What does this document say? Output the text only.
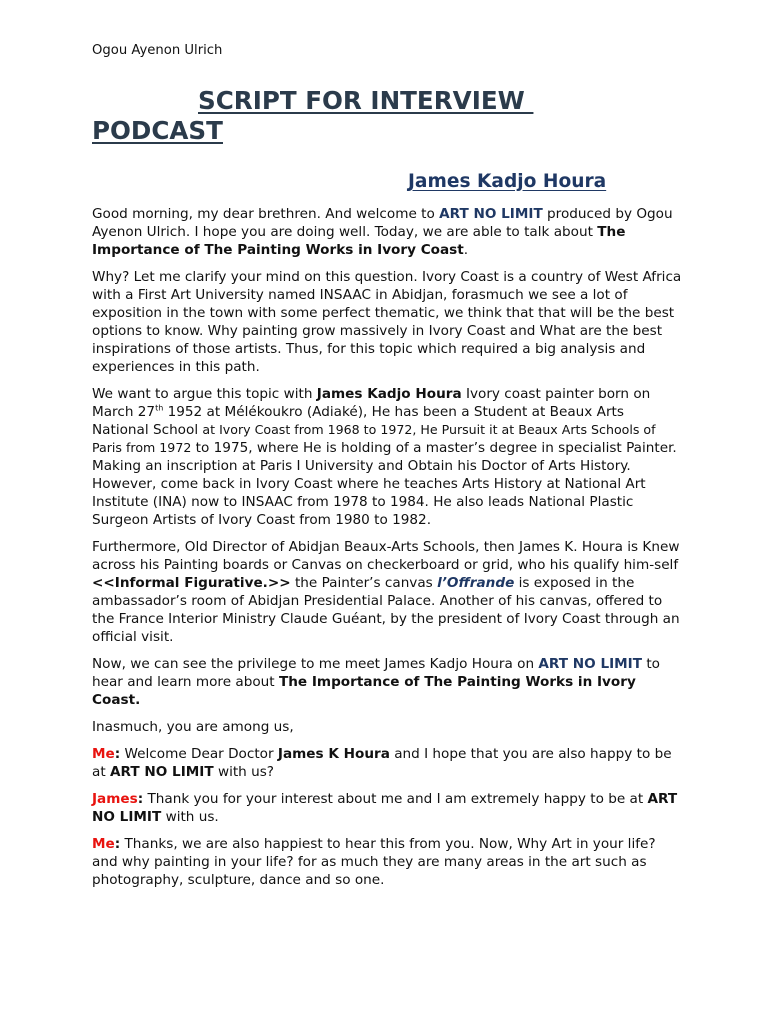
Ogou Ayenon Ulrich
SCRIPT FOR INTERVIEW
PODCAST
James Kadjo Houra

Good morning, my dear brethren. And welcome to ART NO LIMIT produced by Ogou Ayenon Ulrich. I hope you are doing well. Today, we are able to talk about The Importance of The Painting Works in Ivory Coast.

Why? Let me clarify your mind on this question. Ivory Coast is a country of West Africa with a First Art University named INSAAC in Abidjan, forasmuch we see a lot of exposition in the town with some perfect thematic, we think that that will be the best options to know. Why painting grow massively in Ivory Coast and What are the best inspirations of those artists. Thus, for this topic which required a big analysis and experiences in this path.

We want to argue this topic with James Kadjo Houra Ivory coast painter born on March 27th 1952 at Mélékoukro (Adiaké), He has been a Student at Beaux Arts National School at Ivory Coast from 1968 to 1972, He Pursuit it at Beaux Arts Schools of Paris from 1972 to 1975, where He is holding of a master’s degree in specialist Painter. Making an inscription at Paris I University and Obtain his Doctor of Arts History. However, come back in Ivory Coast where he teaches Arts History at National Art Institute (INA) now to INSAAC from 1978 to 1984. He also leads National Plastic Surgeon Artists of Ivory Coast from 1980 to 1982.

Furthermore, Old Director of Abidjan Beaux-Arts Schools, then James K. Houra is Knew across his Painting boards or Canvas on checkerboard or grid, who his qualify him-self <<Informal Figurative.>> the Painter’s canvas l’Offrande is exposed in the ambassador’s room of Abidjan Presidential Palace. Another of his canvas, offered to the France Interior Ministry Claude Guéant, by the president of Ivory Coast through an official visit.

Now, we can see the privilege to me meet James Kadjo Houra on ART NO LIMIT to hear and learn more about The Importance of The Painting Works in Ivory Coast.

Inasmuch, you are among us,

Me: Welcome Dear Doctor James K Houra and I hope that you are also happy to be at ART NO LIMIT with us?

James: Thank you for your interest about me and I am extremely happy to be at ART NO LIMIT with us.

Me: Thanks, we are also happiest to hear this from you. Now, Why Art in your life? and why painting in your life? for as much they are many areas in the art such as photography, sculpture, dance and so one.
